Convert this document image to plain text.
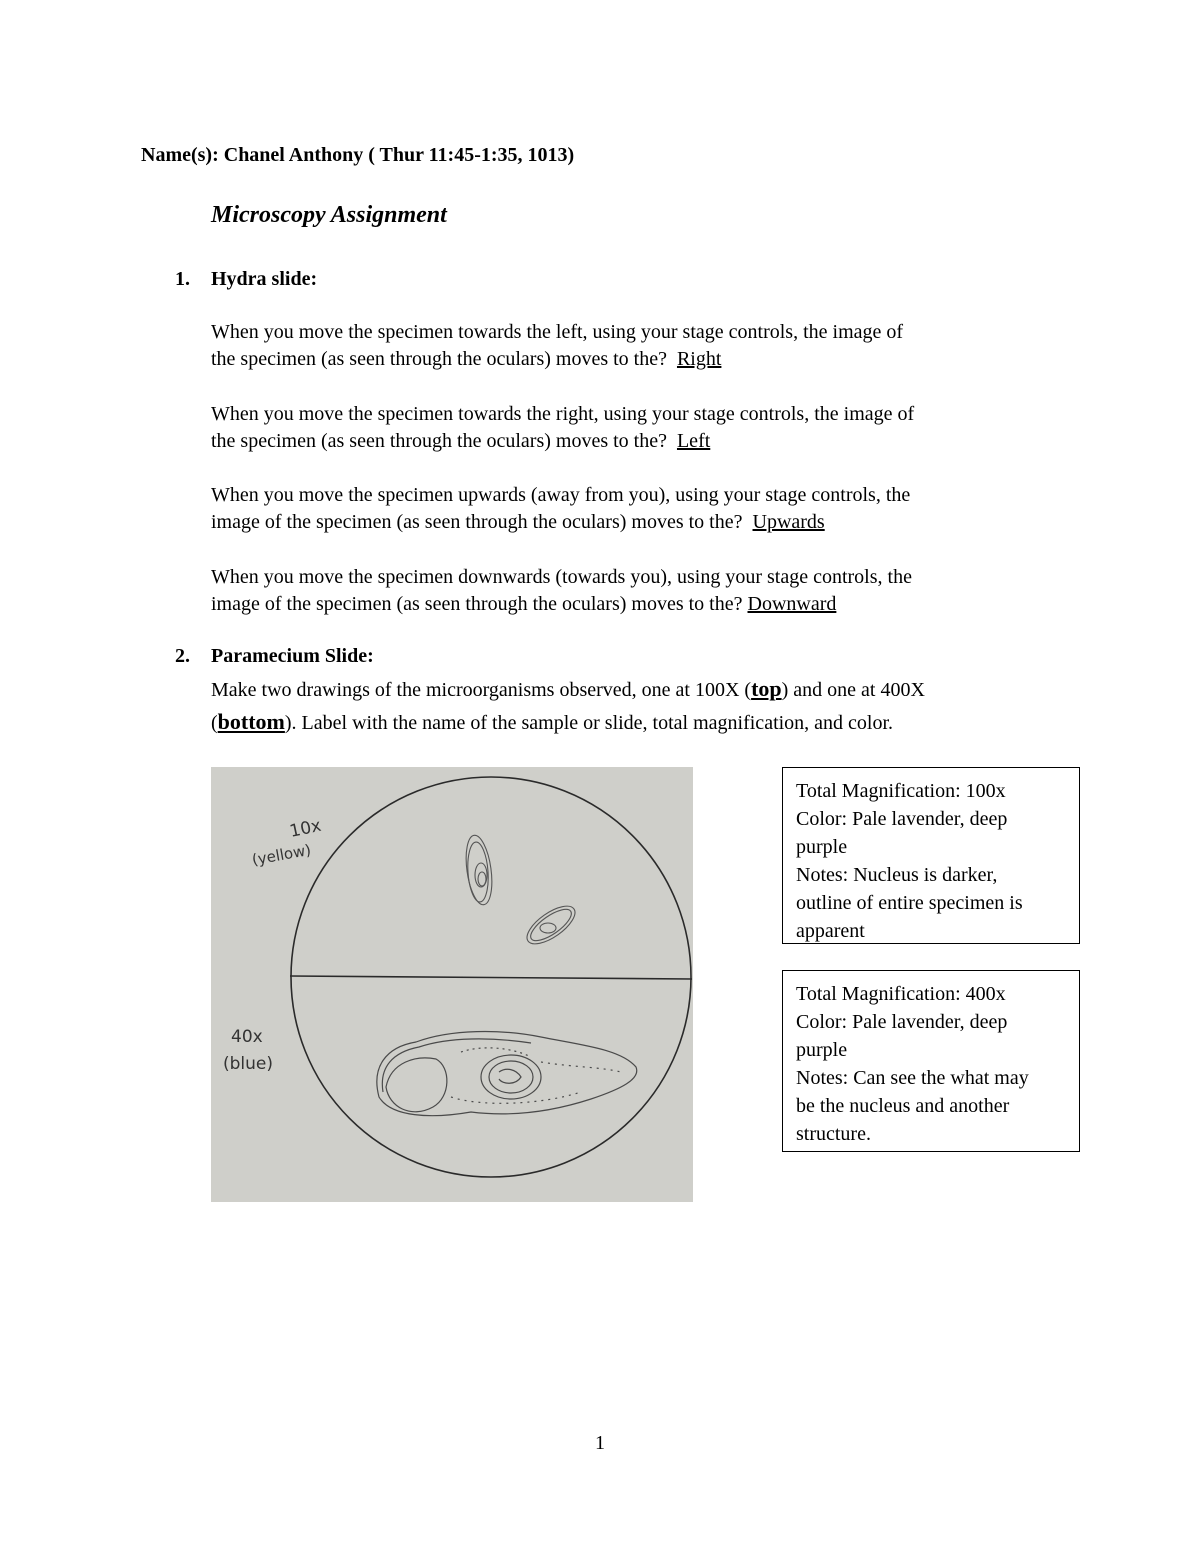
Name(s): Chanel Anthony ( Thur 11:45-1:35, 1013)
Microscopy Assignment
1. Hydra slide:
When you move the specimen towards the left, using your stage controls, the image of
the specimen (as seen through the oculars) moves to the? Right
When you move the specimen towards the right, using your stage controls, the image of
the specimen (as seen through the oculars) moves to the? Left
When you move the specimen upwards (away from you), using your stage controls, the
image of the specimen (as seen through the oculars) moves to the? Upwards
When you move the specimen downwards (towards you), using your stage controls, the
image of the specimen (as seen through the oculars) moves to the? Downward
2. Paramecium Slide:
Make two drawings of the microorganisms observed, one at 100X (top) and one at 400X
(bottom). Label with the name of the sample or slide, total magnification, and color.
10x
(yellow)
40x
(blue)
Total Magnification: 100x
Color: Pale lavender, deep
purple
Notes: Nucleus is darker,
outline of entire specimen is
apparent
Total Magnification: 400x
Color: Pale lavender, deep
purple
Notes: Can see the what may
be the nucleus and another
structure.
1
